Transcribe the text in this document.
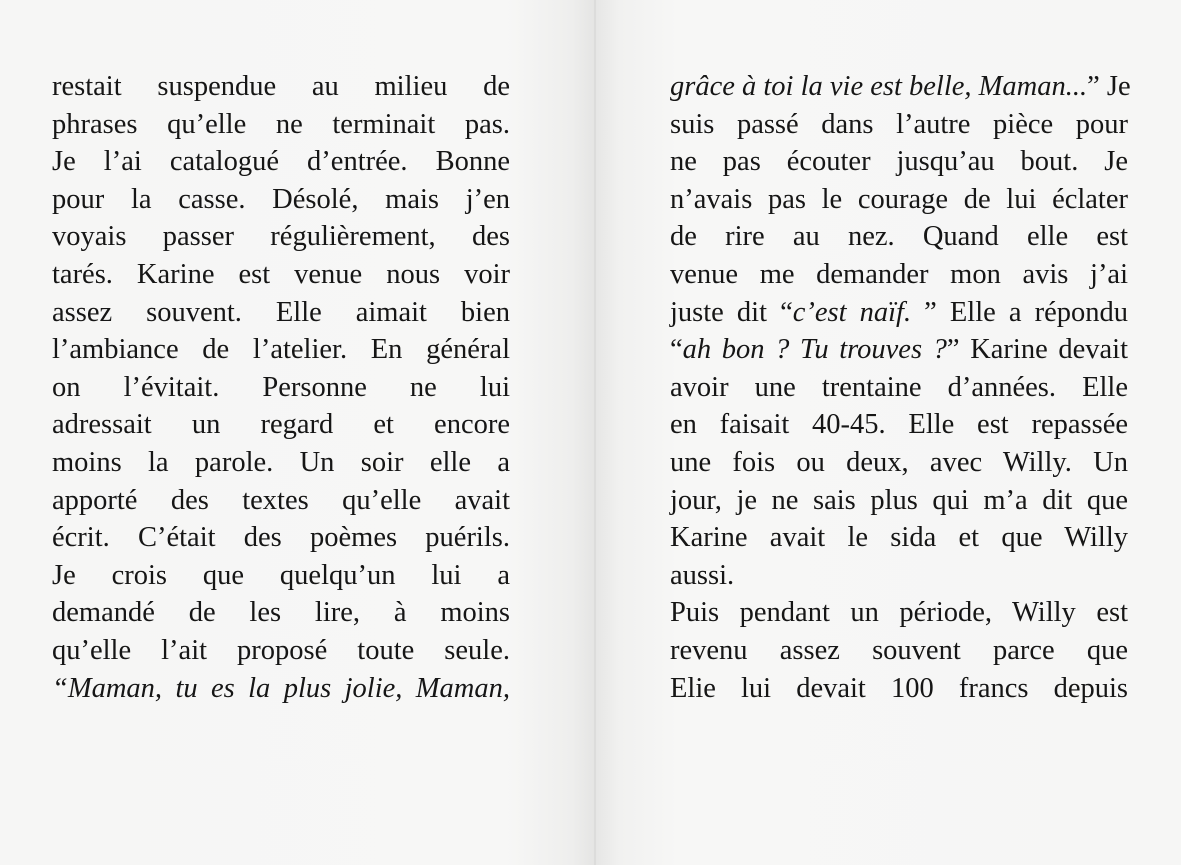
restait suspendue au milieu de
phrases qu’elle ne terminait pas.
Je l’ai catalogué d’entrée. Bonne
pour la casse. Désolé, mais j’en
voyais passer régulièrement, des
tarés. Karine est venue nous voir
assez souvent. Elle aimait bien
l’ambiance de l’atelier. En général
on l’évitait. Personne ne lui
adressait un regard et encore
moins la parole. Un soir elle a
apporté des textes qu’elle avait
écrit. C’était des poèmes puérils.
Je crois que quelqu’un lui a
demandé de les lire, à moins
qu’elle l’ait proposé toute seule.
“Maman, tu es la plus jolie, Maman,
grâce à toi la vie est belle, Maman...” Je
suis passé dans l’autre pièce pour
ne pas écouter jusqu’au bout. Je
n’avais pas le courage de lui éclater
de rire au nez. Quand elle est
venue me demander mon avis j’ai
juste dit “c’est naïf. ” Elle a répondu
“ah bon ? Tu trouves ?” Karine devait
avoir une trentaine d’années. Elle
en faisait 40-45. Elle est repassée
une fois ou deux, avec Willy. Un
jour, je ne sais plus qui m’a dit que
Karine avait le sida et que Willy
aussi.
Puis pendant un période, Willy est
revenu assez souvent parce que
Elie lui devait 100 francs depuis
